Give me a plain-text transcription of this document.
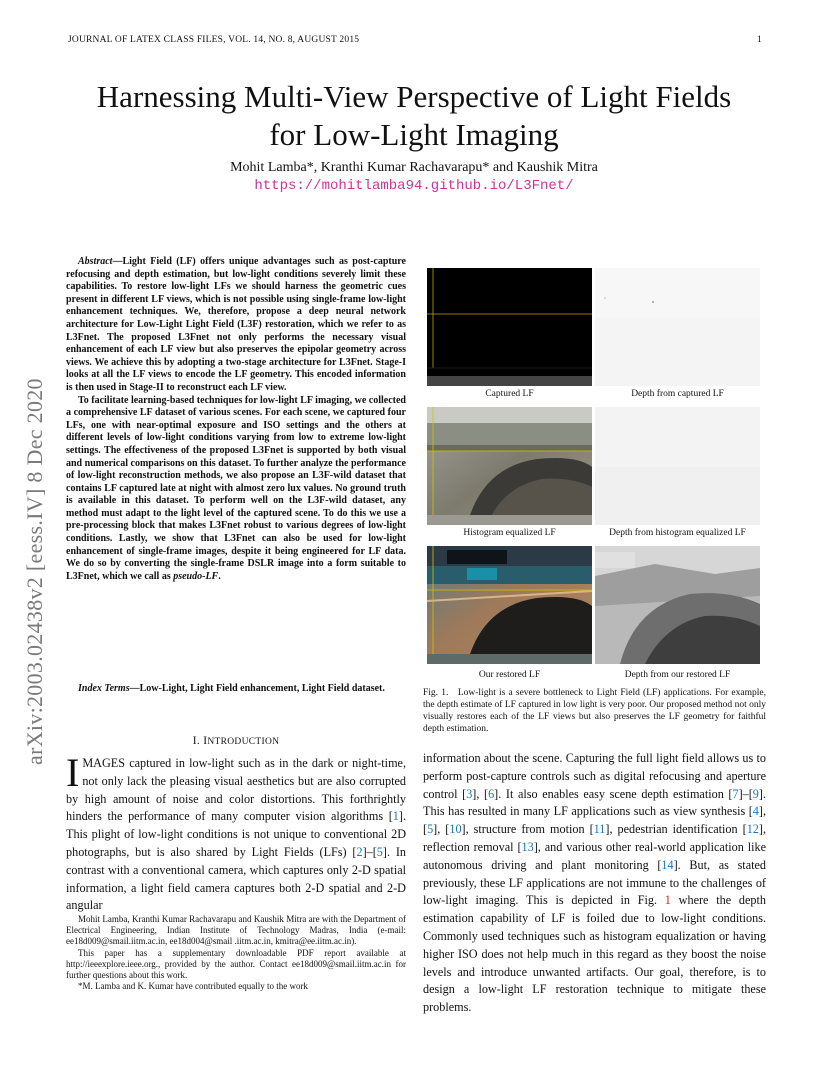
JOURNAL OF LATEX CLASS FILES, VOL. 14, NO. 8, AUGUST 2015	1
Harnessing Multi-View Perspective of Light Fields
for Low-Light Imaging
Mohit Lamba*, Kranthi Kumar Rachavarapu* and Kaushik Mitra
https://mohitlamba94.github.io/L3Fnet/
arXiv:2003.02438v2 [eess.IV] 8 Dec 2020

Abstract—Light Field (LF) offers unique advantages such as post-capture refocusing and depth estimation, but low-light conditions severely limit these capabilities. To restore low-light LFs we should harness the geometric cues present in different LF views, which is not possible using single-frame low-light enhancement techniques. We, therefore, propose a deep neural network architecture for Low-Light Light Field (L3F) restoration, which we refer to as L3Fnet. The proposed L3Fnet not only performs the necessary visual enhancement of each LF view but also preserves the epipolar geometry across views. We achieve this by adopting a two-stage architecture for L3Fnet. Stage-I looks at all the LF views to encode the LF geometry. This encoded information is then used in Stage-II to reconstruct each LF view.

To facilitate learning-based techniques for low-light LF imaging, we collected a comprehensive LF dataset of various scenes. For each scene, we captured four LFs, one with near-optimal exposure and ISO settings and the others at different levels of low-light conditions varying from low to extreme low-light settings. The effectiveness of the proposed L3Fnet is supported by both visual and numerical comparisons on this dataset. To further analyze the performance of low-light reconstruction methods, we also propose an L3F-wild dataset that contains LF captured late at night with almost zero lux values. No ground truth is available in this dataset. To perform well on the L3F-wild dataset, any method must adapt to the light level of the captured scene. To do this we use a pre-processing block that makes L3Fnet robust to various degrees of low-light conditions. Lastly, we show that L3Fnet can also be used for low-light enhancement of single-frame images, despite it being engineered for LF data. We do so by converting the single-frame DSLR image into a form suitable to L3Fnet, which we call as pseudo-LF.

Index Terms—Low-Light, Light Field enhancement, Light Field dataset.
I. INTRODUCTION
IMAGES captured in low-light such as in the dark or night-time, not only lack the pleasing visual aesthetics but are also corrupted by high amount of noise and color distortions. This forthrightly hinders the performance of many computer vision algorithms [1]. This plight of low-light conditions is not unique to conventional 2D photographs, but is also shared by Light Fields (LFs) [2]–[5]. In contrast with a conventional camera, which captures only 2-D spatial information, a light field camera captures both 2-D spatial and 2-D angular

Mohit Lamba, Kranthi Kumar Rachavarapu and Kaushik Mitra are with the Department of Electrical Engineering, Indian Institute of Technology Madras, India (e-mail: ee18d009@smail.iitm.ac.in, ee18d004@smail .iitm.ac.in, kmitra@ee.iitm.ac.in).

This paper has a supplementary downloadable PDF report available at http://ieeexplore.ieee.org., provided by the author. Contact ee18d009@smail.iitm.ac.in for further questions about this work.

*M. Lamba and K. Kumar have contributed equally to the work

Captured LF	Depth from captured LF
Histogram equalized LF	Depth from histogram equalized LF
Our restored LF	Depth from our restored LF
Fig. 1. Low-light is a severe bottleneck to Light Field (LF) applications. For example, the depth estimate of LF captured in low light is very poor. Our proposed method not only visually restores each of the LF views but also preserves the LF geometry for faithful depth estimation.
information about the scene. Capturing the full light field allows us to perform post-capture controls such as digital refocusing and aperture control [3], [6]. It also enables easy scene depth estimation [7]–[9]. This has resulted in many LF applications such as view synthesis [4], [5], [10], structure from motion [11], pedestrian identification [12], reflection removal [13], and various other real-world application like autonomous driving and plant monitoring [14]. But, as stated previously, these LF applications are not immune to the challenges of low-light imaging. This is depicted in Fig. 1 where the depth estimation capability of LF is foiled due to low-light conditions. Commonly used techniques such as histogram equalization or having higher ISO does not help much in this regard as they boost the noise levels and introduce unwanted artifacts. Our goal, therefore, is to design a low-light LF restoration technique to mitigate these problems.
